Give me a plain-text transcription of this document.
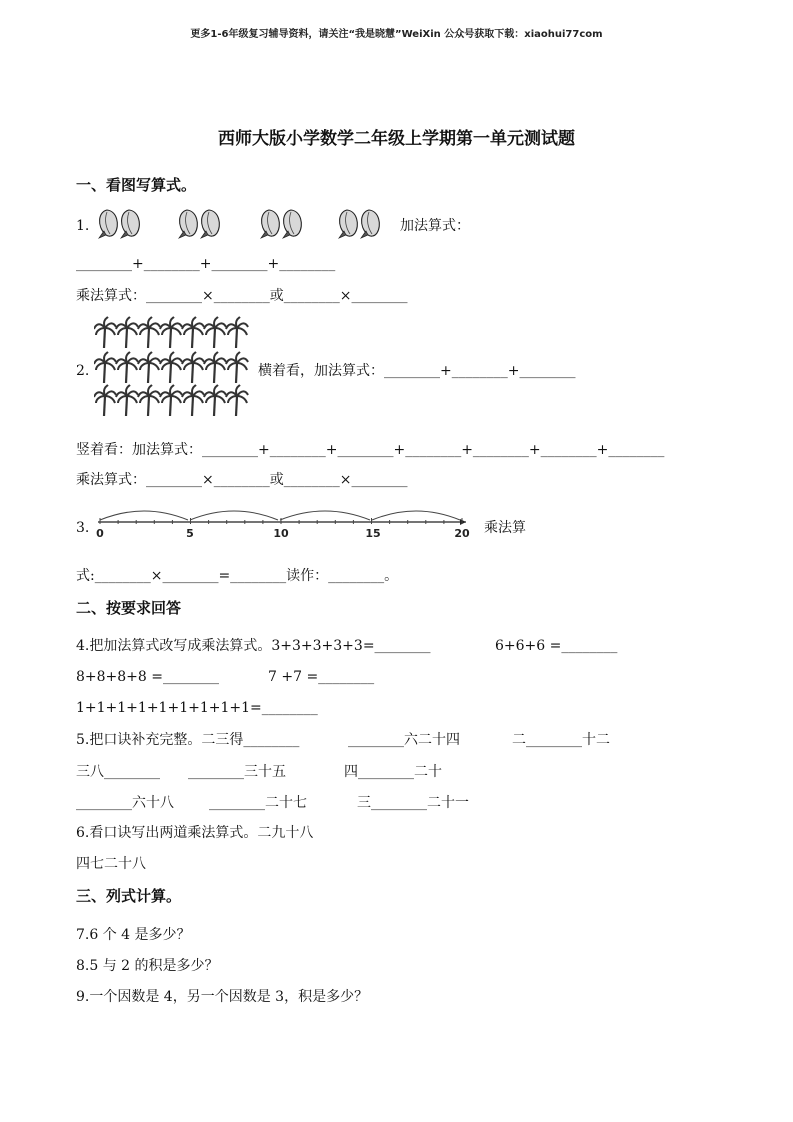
更多1-6年级复习辅导资料，请关注“我是晓慧”WeiXin 公众号获取下载：xiaohui77com
西师大版小学数学二年级上学期第一单元测试题
一、看图写算式。
1.	加法算式：
________+________+________+________
乘法算式：________×________或________×________
2.	横着看，加法算式：________+________+________
竖着看：加法算式：________+________+________+________+________+________+________
乘法算式：________×________或________×________
3. 0	5	10	15	20 乘法算
式:________×________=________读作：________。
二、按要求回答
4.把加法算式改写成乘法算式。3+3+3+3+3=________	6+6+6 =________
8+8+8+8 =________	7 +7 =________
1+1+1+1+1+1+1+1+1=________
5.把口诀补充完整。二三得________	________六二十四	二________十二
三八________ ________三十五	四________二十
________六十八	________二十七	三________二十一
6.看口诀写出两道乘法算式。二九十八
四七二十八
三、列式计算。
7.6 个 4 是多少？
8.5 与 2 的积是多少？
9.一个因数是 4，另一个因数是 3，积是多少？
